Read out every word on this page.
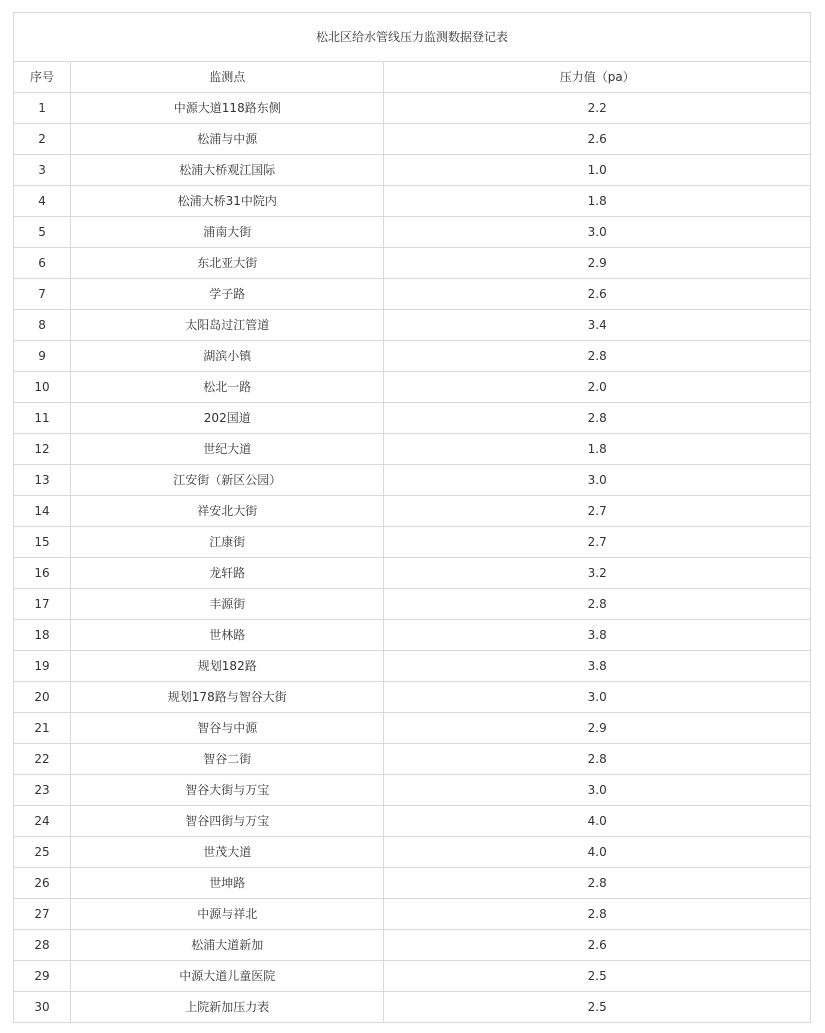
松北区给水管线压力监测数据登记表		
序号	监测点	压力值（pa）
1	中源大道118路东侧	2.2
2	松浦与中源	2.6
3	松浦大桥观江国际	1.0
4	松浦大桥31中院内	1.8
5	浦南大街	3.0
6	东北亚大街	2.9
7	学子路	2.6
8	太阳岛过江管道	3.4
9	湖滨小镇	2.8
10	松北一路	2.0
11	202国道	2.8
12	世纪大道	1.8
13	江安街（新区公园）	3.0
14	祥安北大街	2.7
15	江康街	2.7
16	龙轩路	3.2
17	丰源街	2.8
18	世林路	3.8
19	规划182路	3.8
20	规划178路与智谷大街	3.0
21	智谷与中源	2.9
22	智谷二街	2.8
23	智谷大街与万宝	3.0
24	智谷四街与万宝	4.0
25	世茂大道	4.0
26	世坤路	2.8
27	中源与祥北	2.8
28	松浦大道新加	2.6
29	中源大道儿童医院	2.5
30	上院新加压力表	2.5
